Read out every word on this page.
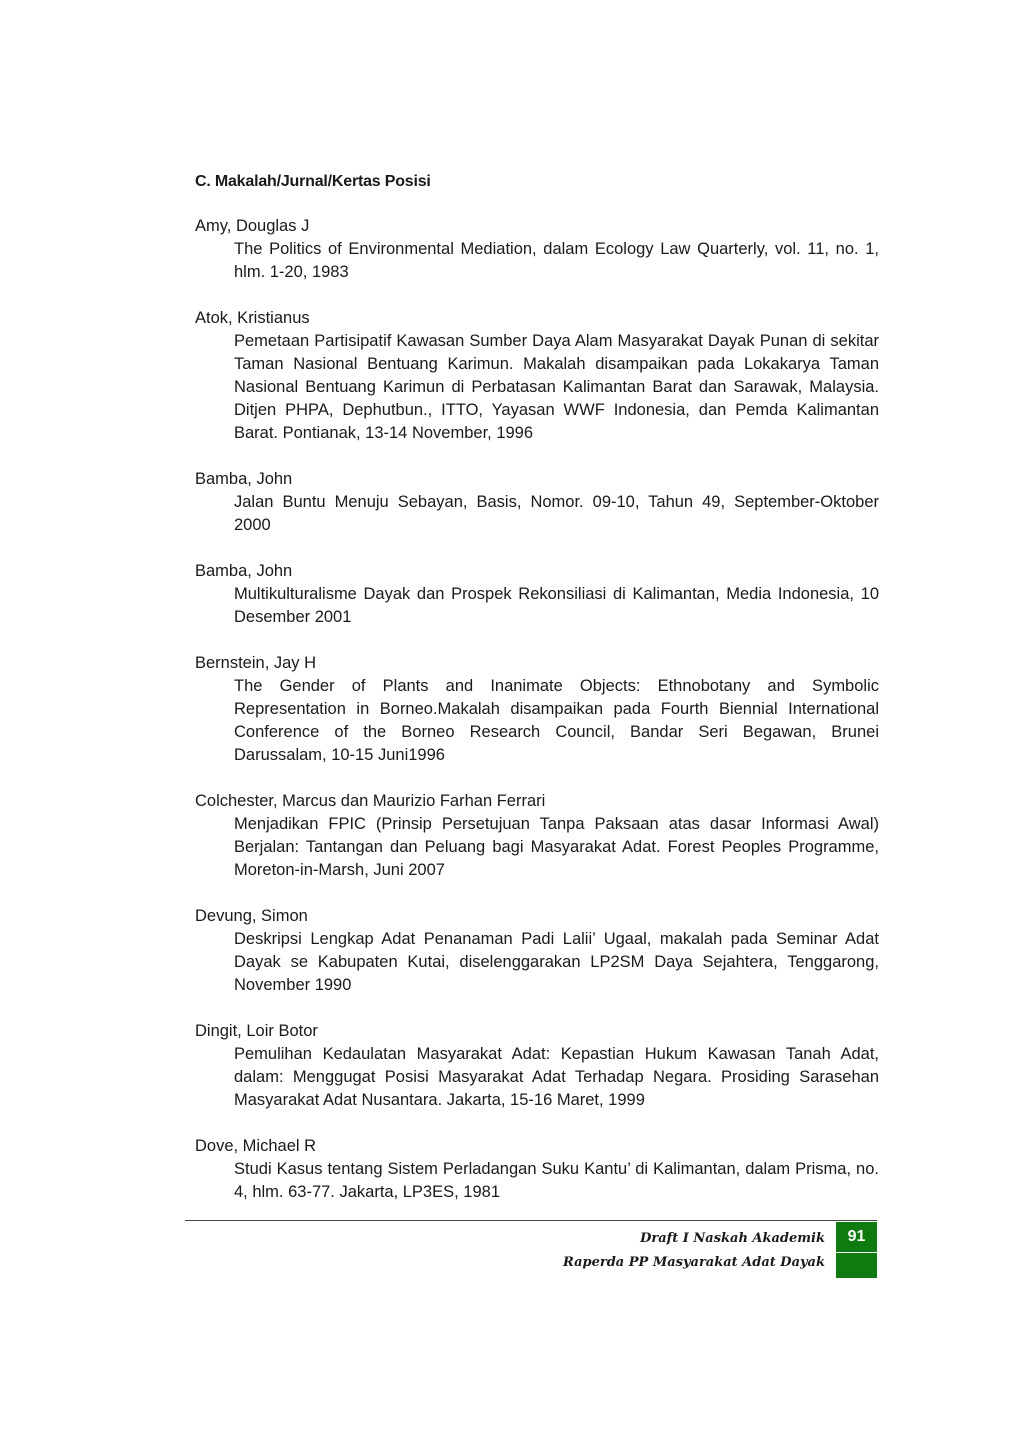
C. Makalah/Jurnal/Kertas Posisi

Amy, Douglas J

The Politics of Environmental Mediation, dalam Ecology Law Quarterly, vol. 11, no. 1, hlm. 1-20, 1983

Atok, Kristianus

Pemetaan Partisipatif Kawasan Sumber Daya Alam Masyarakat Dayak Punan di sekitar Taman Nasional Bentuang Karimun. Makalah disampaikan pada Lokakarya Taman Nasional Bentuang Karimun di Perbatasan Kalimantan Barat dan Sarawak, Malaysia. Ditjen PHPA, Dephutbun., ITTO, Yayasan WWF Indonesia, dan Pemda Kalimantan Barat. Pontianak, 13-14 November, 1996

Bamba, John

Jalan Buntu Menuju Sebayan, Basis, Nomor. 09-10, Tahun 49, September-Oktober 2000

Bamba, John

Multikulturalisme Dayak dan Prospek Rekonsiliasi di Kalimantan, Media Indonesia, 10 Desember 2001

Bernstein, Jay H

The Gender of Plants and Inanimate Objects: Ethnobotany and Symbolic Representation in Borneo.Makalah disampaikan pada Fourth Biennial International Conference of the Borneo Research Council, Bandar Seri Begawan, Brunei Darussalam, 10-15 Juni1996

Colchester, Marcus dan Maurizio Farhan Ferrari

Menjadikan FPIC (Prinsip Persetujuan Tanpa Paksaan atas dasar Informasi Awal) Berjalan: Tantangan dan Peluang bagi Masyarakat Adat. Forest Peoples Programme, Moreton-in-Marsh, Juni 2007

Devung, Simon

Deskripsi Lengkap Adat Penanaman Padi Lalii’ Ugaal, makalah pada Seminar Adat Dayak se Kabupaten Kutai, diselenggarakan LP2SM Daya Sejahtera, Tenggarong, November 1990

Dingit, Loir Botor

Pemulihan Kedaulatan Masyarakat Adat: Kepastian Hukum Kawasan Tanah Adat, dalam: Menggugat Posisi Masyarakat Adat Terhadap Negara. Prosiding Sarasehan Masyarakat Adat Nusantara. Jakarta, 15-16 Maret, 1999

Dove, Michael R

Studi Kasus tentang Sistem Perladangan Suku Kantu’ di Kalimantan, dalam Prisma, no. 4, hlm. 63-77. Jakarta, LP3ES, 1981

Draft I Naskah Akademik
Raperda PP Masyarakat Adat Dayak
91
